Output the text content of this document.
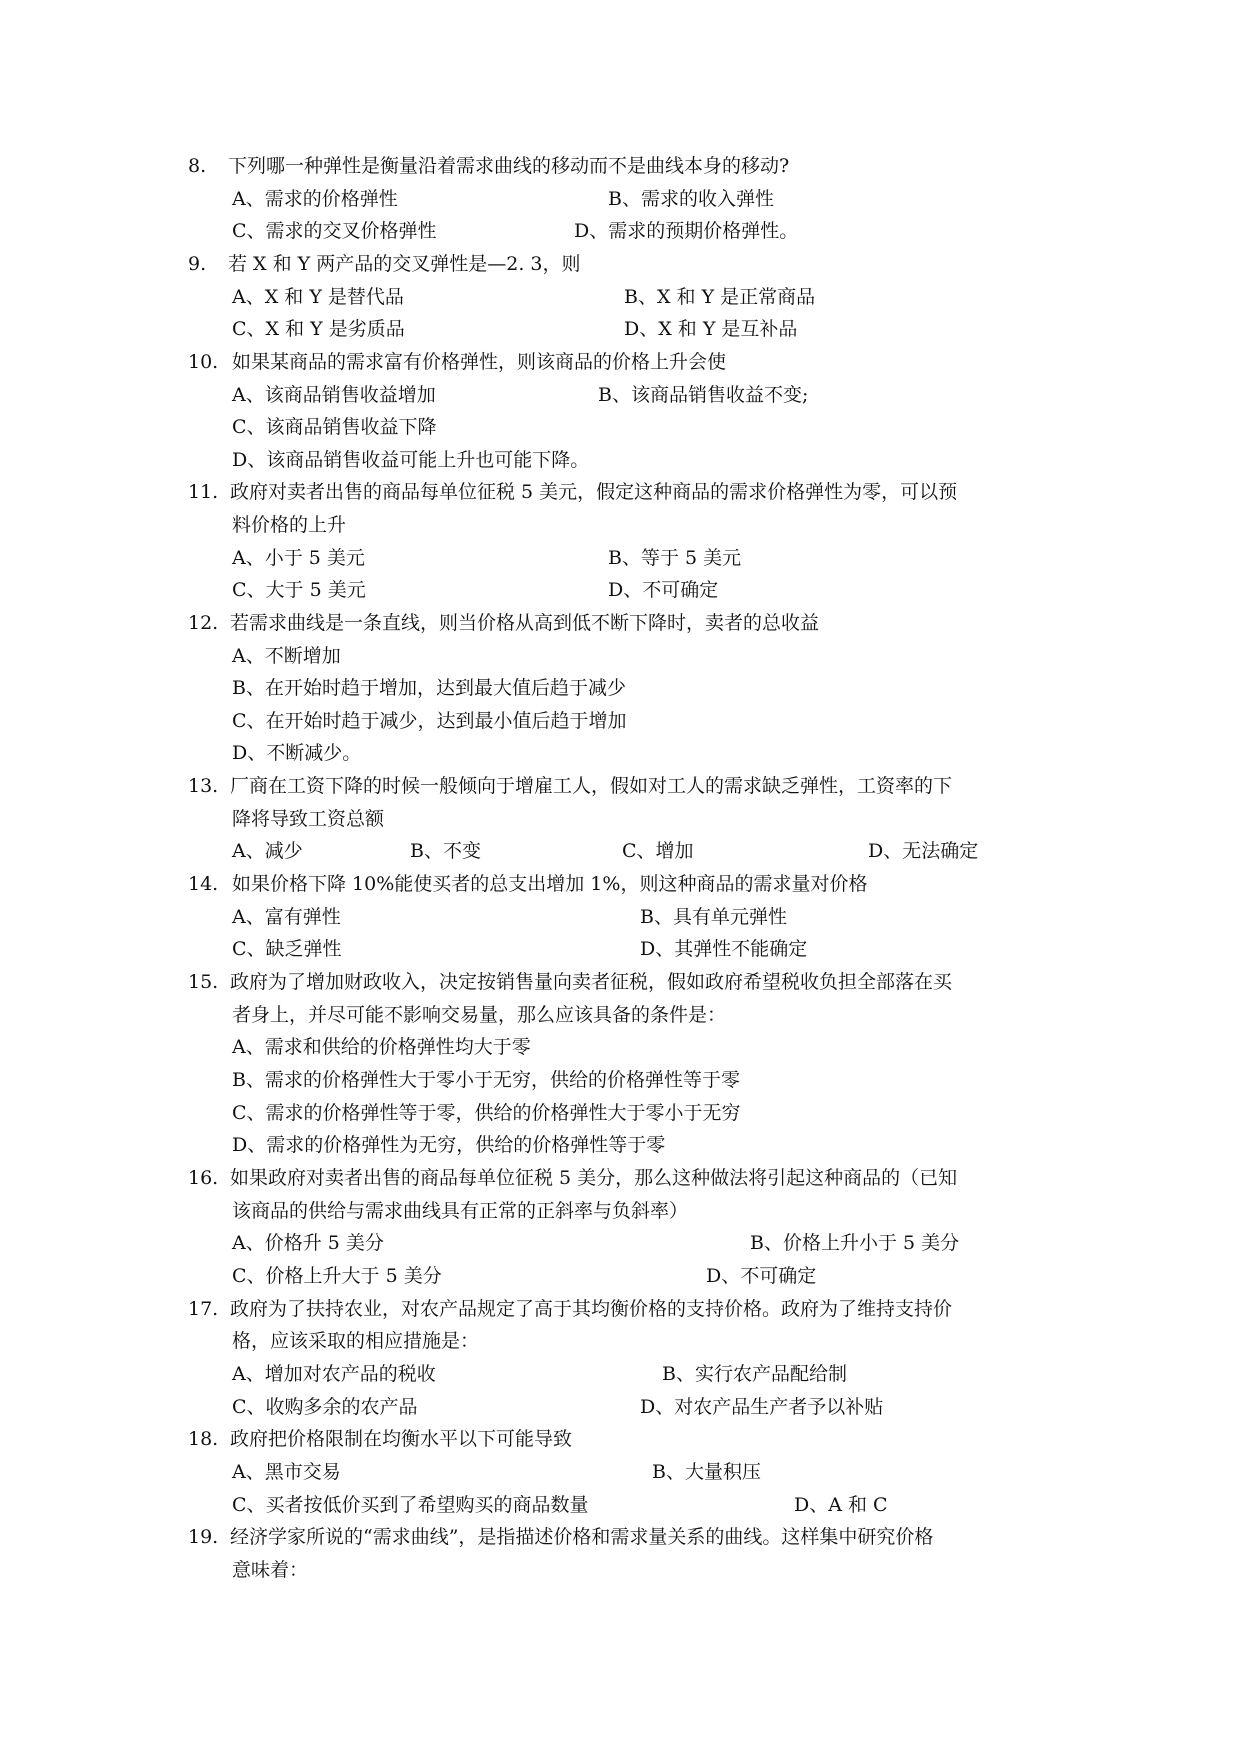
8. 下列哪一种弹性是衡量沿着需求曲线的移动而不是曲线本身的移动?
A、需求的价格弹性	B、需求的收入弹性
C、需求的交叉价格弹性	D、需求的预期价格弹性。
9. 若 X 和 Y 两产品的交叉弹性是—2. 3，则
A、X 和 Y 是替代品	B、X 和 Y 是正常商品
C、X 和 Y 是劣质品	D、X 和 Y 是互补品
10. 如果某商品的需求富有价格弹性，则该商品的价格上升会使
A、该商品销售收益增加	B、该商品销售收益不变;
C、该商品销售收益下降
D、该商品销售收益可能上升也可能下降。
11. 政府对卖者出售的商品每单位征税 5 美元，假定这种商品的需求价格弹性为零，可以预
料价格的上升
A、小于 5 美元	B、等于 5 美元
C、大于 5 美元	D、不可确定
12. 若需求曲线是一条直线，则当价格从高到低不断下降时，卖者的总收益
A、不断增加
B、在开始时趋于增加，达到最大值后趋于减少
C、在开始时趋于减少，达到最小值后趋于增加
D、不断减少。
13. 厂商在工资下降的时候一般倾向于增雇工人，假如对工人的需求缺乏弹性，工资率的下
降将导致工资总额
A、减少	B、不变	C、增加	D、无法确定
14. 如果价格下降 10%能使买者的总支出增加 1%，则这种商品的需求量对价格
A、富有弹性	B、具有单元弹性
C、缺乏弹性	D、其弹性不能确定
15. 政府为了增加财政收入，决定按销售量向卖者征税，假如政府希望税收负担全部落在买
者身上，并尽可能不影响交易量，那么应该具备的条件是：
A、需求和供给的价格弹性均大于零
B、需求的价格弹性大于零小于无穷，供给的价格弹性等于零
C、需求的价格弹性等于零，供给的价格弹性大于零小于无穷
D、需求的价格弹性为无穷，供给的价格弹性等于零
16. 如果政府对卖者出售的商品每单位征税 5 美分，那么这种做法将引起这种商品的（已知
该商品的供给与需求曲线具有正常的正斜率与负斜率）
A、价格升 5 美分	B、价格上升小于 5 美分
C、价格上升大于 5 美分	D、不可确定
17. 政府为了扶持农业，对农产品规定了高于其均衡价格的支持价格。政府为了维持支持价
格，应该采取的相应措施是：
A、增加对农产品的税收	B、实行农产品配给制
C、收购多余的农产品	D、对农产品生产者予以补贴
18. 政府把价格限制在均衡水平以下可能导致
A、黑市交易	B、大量积压
C、买者按低价买到了希望购买的商品数量	D、A 和 C
19. 经济学家所说的“需求曲线”，是指描述价格和需求量关系的曲线。这样集中研究价格
意味着：
